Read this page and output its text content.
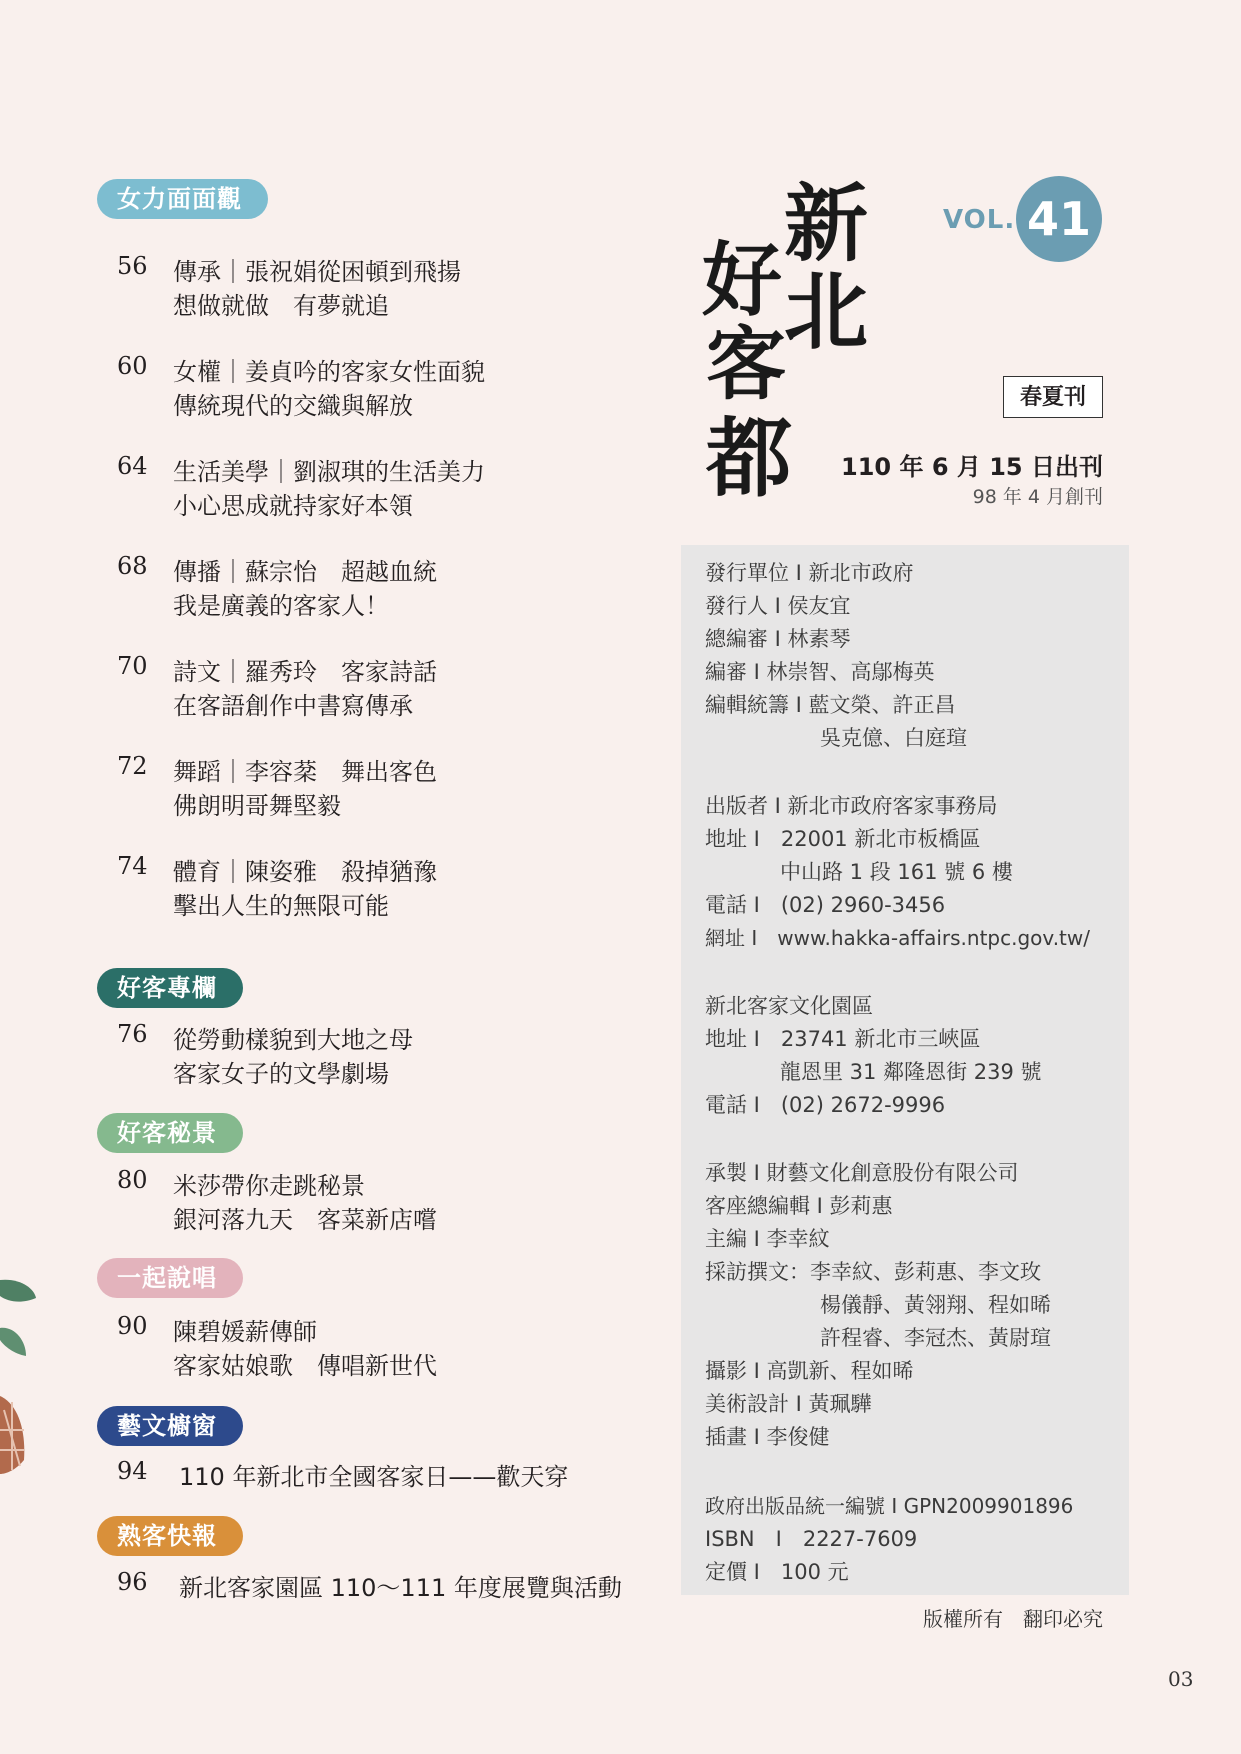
女力面面觀
好客專欄
好客秘景
一起說唱
藝文櫥窗
熟客快報
56	傳承｜張祝娟從困頓到飛揚
想做就做　有夢就追
60	女權｜姜貞吟的客家女性面貌
傳統現代的交織與解放
64	生活美學｜劉淑琪的生活美力
小心思成就持家好本領
68	傳播｜蘇宗怡　超越血統
我是廣義的客家人！
70	詩文｜羅秀玲　客家詩話
在客語創作中書寫傳承
72	舞蹈｜李容棻　舞出客色
佛朗明哥舞堅毅
74	體育｜陳姿雅　殺掉猶豫
擊出人生的無限可能
76	從勞動樣貌到大地之母
客家女子的文學劇場
80	米莎帶你走跳秘景
銀河落九天　客菜新店嚐
90	陳碧媛薪傳師
客家姑娘歌　傳唱新世代
94	110 年新北市全國客家日——歡天穿
96	新北客家園區 110～111 年度展覽與活動
新
北
好
客
都
VOL. 41
春夏刊
110 年 6 月 15 日出刊
98 年 4 月創刊
發行單位 I 新北市政府
發行人 I 侯友宜
總編審 I 林素琴
編審 I 林崇智、高鄔梅英
編輯統籌 I 藍文榮、許正昌
吳克億、白庭瑄
出版者 I 新北市政府客家事務局
地址 I　22001 新北市板橋區
中山路 1 段 161 號 6 樓
電話 I　(02) 2960-3456
網址 I　www.hakka-affairs.ntpc.gov.tw/
新北客家文化園區
地址 I　23741 新北市三峽區
龍恩里 31 鄰隆恩街 239 號
電話 I　(02) 2672-9996
承製 I 財藝文化創意股份有限公司
客座總編輯 I 彭莉惠
主編 I 李幸紋
採訪撰文：李幸紋、彭莉惠、李文玫
楊儀靜、黃翎翔、程如晞
許程睿、李冠杰、黃尉瑄
攝影 I 高凱新、程如晞
美術設計 I 黃珮驊
插畫 I 李俊健
政府出版品統一編號 I GPN2009901896
ISBN　I　2227-7609
定價 I　100 元
版權所有　翻印必究
03
